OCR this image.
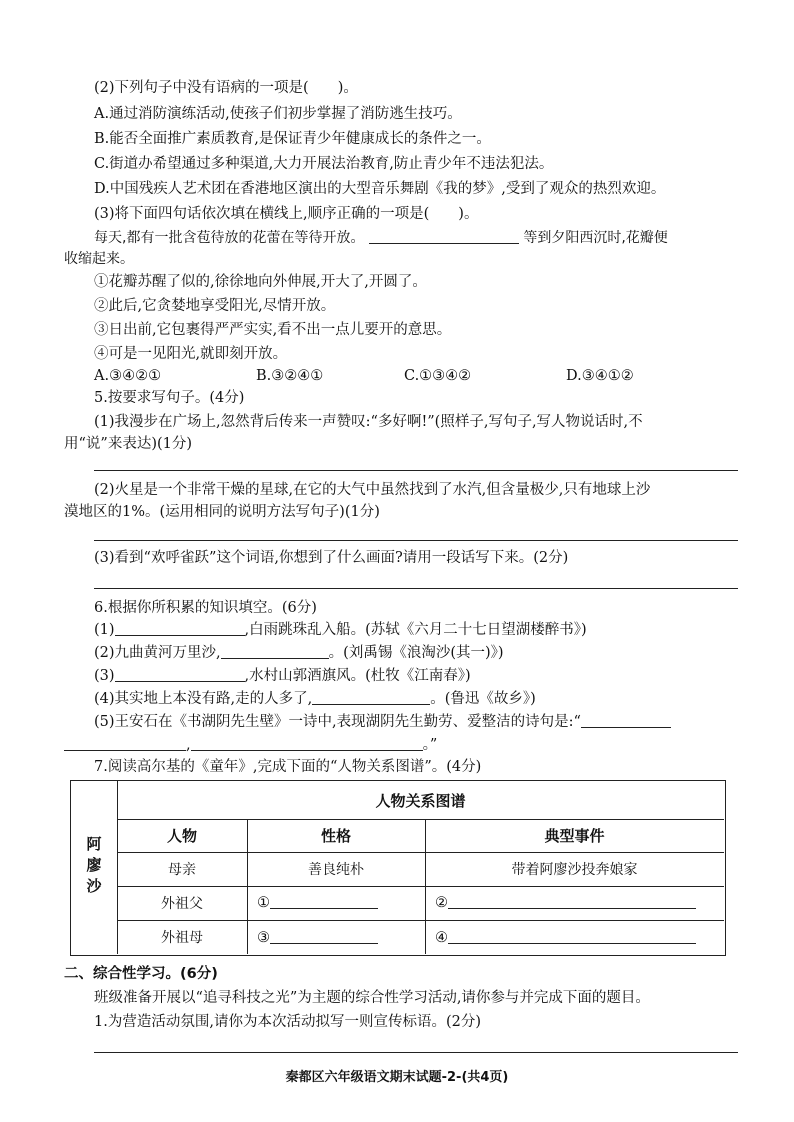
(2)下列句子中没有语病的一项是(　　)。
A.通过消防演练活动,使孩子们初步掌握了消防逃生技巧。
B.能否全面推广素质教育,是保证青少年健康成长的条件之一。
C.街道办希望通过多种渠道,大力开展法治教育,防止青少年不违法犯法。
D.中国残疾人艺术团在香港地区演出的大型音乐舞剧《我的梦》,受到了观众的热烈欢迎。
(3)将下面四句话依次填在横线上,顺序正确的一项是(　　)。
每天,都有一批含苞待放的花蕾在等待开放。	等到夕阳西沉时,花瓣便
收缩起来。
①花瓣苏醒了似的,徐徐地向外伸展,开大了,开圆了。
②此后,它贪婪地享受阳光,尽情开放。
③日出前,它包裹得严严实实,看不出一点儿要开的意思。
④可是一见阳光,就即刻开放。
A.③④②①	B.③②④①	C.①③④②	D.③④①②
5.按要求写句子。(4分)
(1)我漫步在广场上,忽然背后传来一声赞叹:“多好啊!”(照样子,写句子,写人物说话时,不
用“说”来表达)(1分)
(2)火星是一个非常干燥的星球,在它的大气中虽然找到了水汽,但含量极少,只有地球上沙
漠地区的1%。(运用相同的说明方法写句子)(1分)
(3)看到“欢呼雀跃”这个词语,你想到了什么画面?请用一段话写下来。(2分)
6.根据你所积累的知识填空。(6分)
(1)	,白雨跳珠乱入船。(苏轼《六月二十七日望湖楼醉书》)
(2)九曲黄河万里沙,	。(刘禹锡《浪淘沙(其一)》)
(3)	,水村山郭酒旗风。(杜牧《江南春》)
(4)其实地上本没有路,走的人多了,	。(鲁迅《故乡》)
(5)王安石在《书湖阴先生壁》一诗中,表现湖阴先生勤劳、爱整洁的诗句是:“
,	。”
7.阅读高尔基的《童年》,完成下面的“人物关系图谱”。(4分)
阿廖沙
人物关系图谱
人物	性格	典型事件
母亲	善良纯朴	带着阿廖沙投奔娘家
外祖父	①	②
外祖母	③	④
二、综合性学习。(6分)
班级准备开展以“追寻科技之光”为主题的综合性学习活动,请你参与并完成下面的题目。
1.为营造活动氛围,请你为本次活动拟写一则宣传标语。(2分)
秦都区六年级语文期末试题-2-(共4页)
